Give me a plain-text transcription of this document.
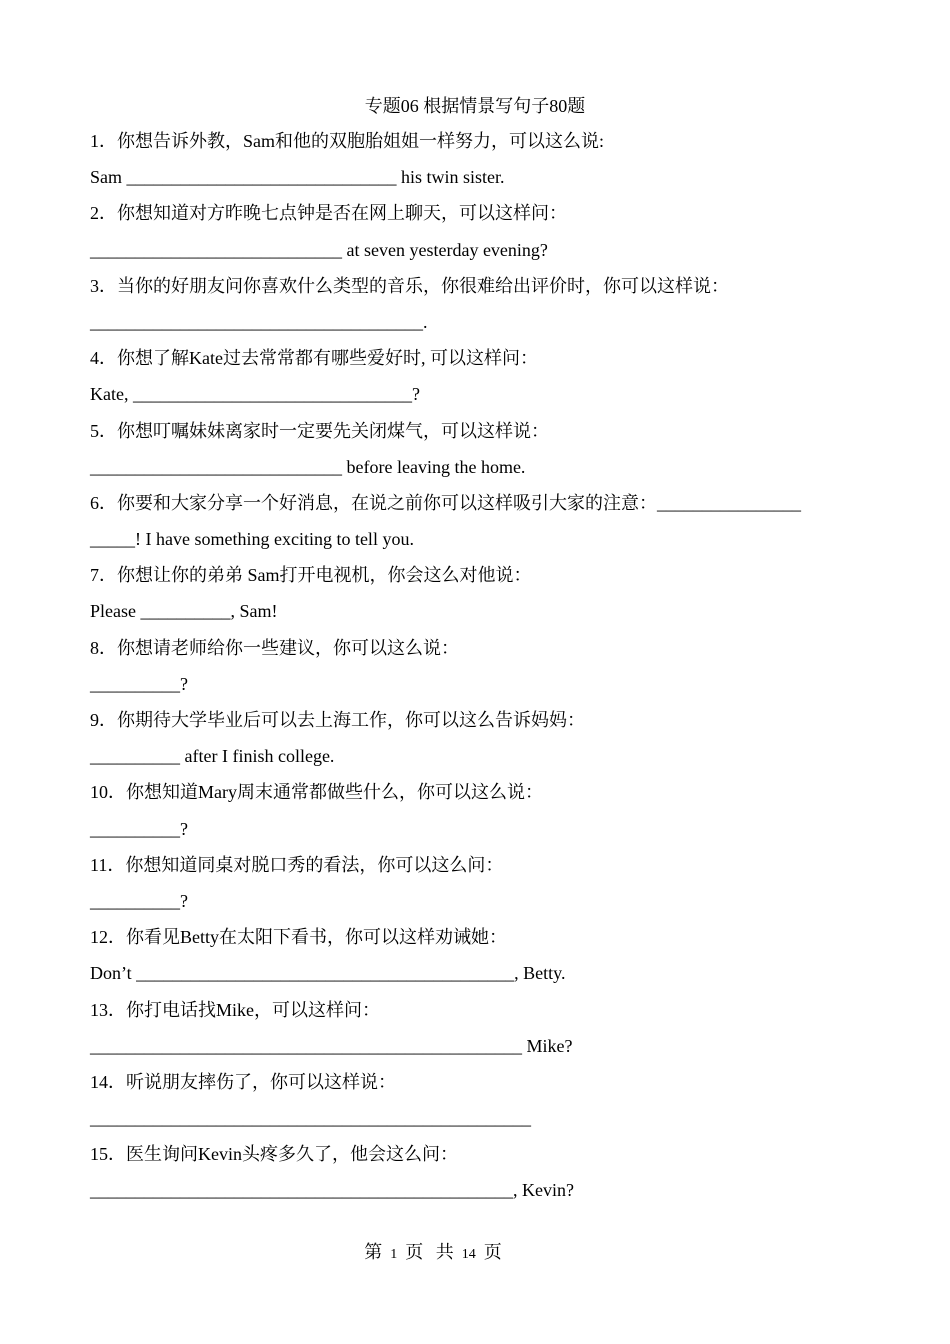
专题06 根据情景写句子80题
1．你想告诉外教，Sam和他的双胞胎姐姐一样努力，可以这么说:
Sam ______________________________ his twin sister.
2．你想知道对方昨晚七点钟是否在网上聊天，可以这样问：
____________________________ at seven yesterday evening?
3．当你的好朋友问你喜欢什么类型的音乐，你很难给出评价时，你可以这样说：
_____________________________________.
4．你想了解Kate过去常常都有哪些爱好时, 可以这样问：
Kate, _______________________________?
5．你想叮嘱妹妹离家时一定要先关闭煤气，可以这样说：
____________________________ before leaving the home.
6．你要和大家分享一个好消息，在说之前你可以这样吸引大家的注意：________________
_____! I have something exciting to tell you.
7．你想让你的弟弟 Sam打开电视机，你会这么对他说：
Please __________, Sam!
8．你想请老师给你一些建议，你可以这么说：
__________?
9．你期待大学毕业后可以去上海工作，你可以这么告诉妈妈：
__________ after I finish college.
10．你想知道Mary周末通常都做些什么，你可以这么说：
__________?
11．你想知道同桌对脱口秀的看法，你可以这么问：
__________?
12．你看见Betty在太阳下看书，你可以这样劝诫她：
Don’t __________________________________________, Betty.
13．你打电话找Mike，可以这样问：
________________________________________________ Mike?
14．听说朋友摔伤了，你可以这样说：
_________________________________________________
15．医生询问Kevin头疼多久了，他会这么问：
_______________________________________________, Kevin?
第 1 页 共 14 页
